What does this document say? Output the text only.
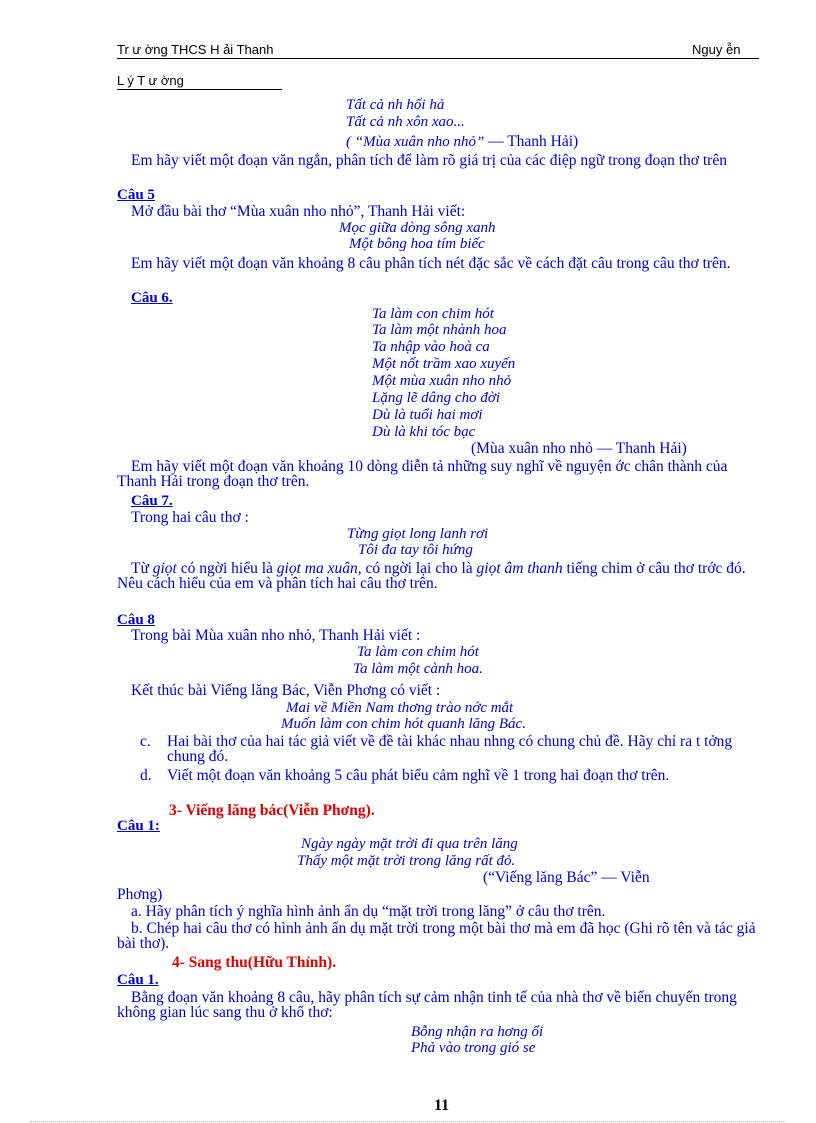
Tr ư ờng THCS H ải Thanh	Nguy ễn
L ý T ư ờng
Tất cả nh hối hả
Tất cả nh xôn xao...
( “Mùa xuân nho nhỏ” — Thanh Hải)
Em hãy viết một đoạn văn ngắn, phân tích để làm rõ giá trị của các điệp ngữ trong đoạn thơ trên
Câu 5
Mở đầu bài thơ “Mùa xuân nho nhỏ”, Thanh Hải viết:
Mọc giữa dòng sông xanh
Một bông hoa tím biếc
Em hãy viết một đoạn văn khoảng 8 câu phân tích nét đặc sắc về cách đặt câu trong câu thơ trên.
Câu 6.
Ta làm con chim hót
Ta làm một nhành hoa
Ta nhập vào hoà ca
Một nốt trầm xao xuyến
Một mùa xuân nho nhỏ
Lặng lẽ dâng cho đời
Dù là tuổi hai mơi
Dù là khi tóc bạc
(Mùa xuân nho nhỏ — Thanh Hải)
Em hãy viết một đoạn văn khoảng 10 dòng diễn tả những suy nghĩ về nguyện ớc chân thành của Thanh Hải trong đoạn thơ trên.
Câu 7.
Trong hai câu thơ :
Từng giọt long lanh rơi
Tôi đa tay tôi hứng
Từ giọt có ngời hiểu là giọt ma xuân, có ngời lại cho là giọt âm thanh tiếng chim ở câu thơ trớc đó. Nêu cách hiểu của em và phân tích hai câu thơ trên.
Câu 8
Trong bài Mùa xuân nho nhỏ, Thanh Hải viết :
Ta làm con chim hót
Ta làm một cành hoa.
Kết thúc bài Viếng lăng Bác, Viễn Phơng có viết :
Mai về Miền Nam thơng trào nớc mắt
Muốn làm con chim hót quanh lăng Bác.
c. Hai bài thơ của hai tác giả viết về đề tài khác nhau nhng có chung chủ đề. Hãy chỉ ra t tởng chung đó.
d. Viết một đoạn văn khoảng 5 câu phát biểu cảm nghĩ về 1 trong hai đoạn thơ trên.
3- Viếng lăng bác(Viễn Phơng).
Câu 1:
Ngày ngày mặt trời đi qua trên lăng
Thấy một mặt trời trong lăng rất đỏ.
(“Viếng lăng Bác” — Viễn
Phơng)
a. Hãy phân tích ý nghĩa hình ảnh ẩn dụ “mặt trời trong lăng” ở câu thơ trên.
b. Chép hai câu thơ có hình ảnh ẩn dụ mặt trời trong một bài thơ mà em đã học (Ghi rõ tên và tác giả bài thơ).
4- Sang thu(Hữu Thỉnh).
Câu 1.
Bằng đoạn văn khoảng 8 câu, hãy phân tích sự cảm nhận tinh tế của nhà thơ về biến chuyển trong không gian lúc sang thu ở khổ thơ:
Bỗng nhận ra hơng ổi
Phả vào trong gió se
11
